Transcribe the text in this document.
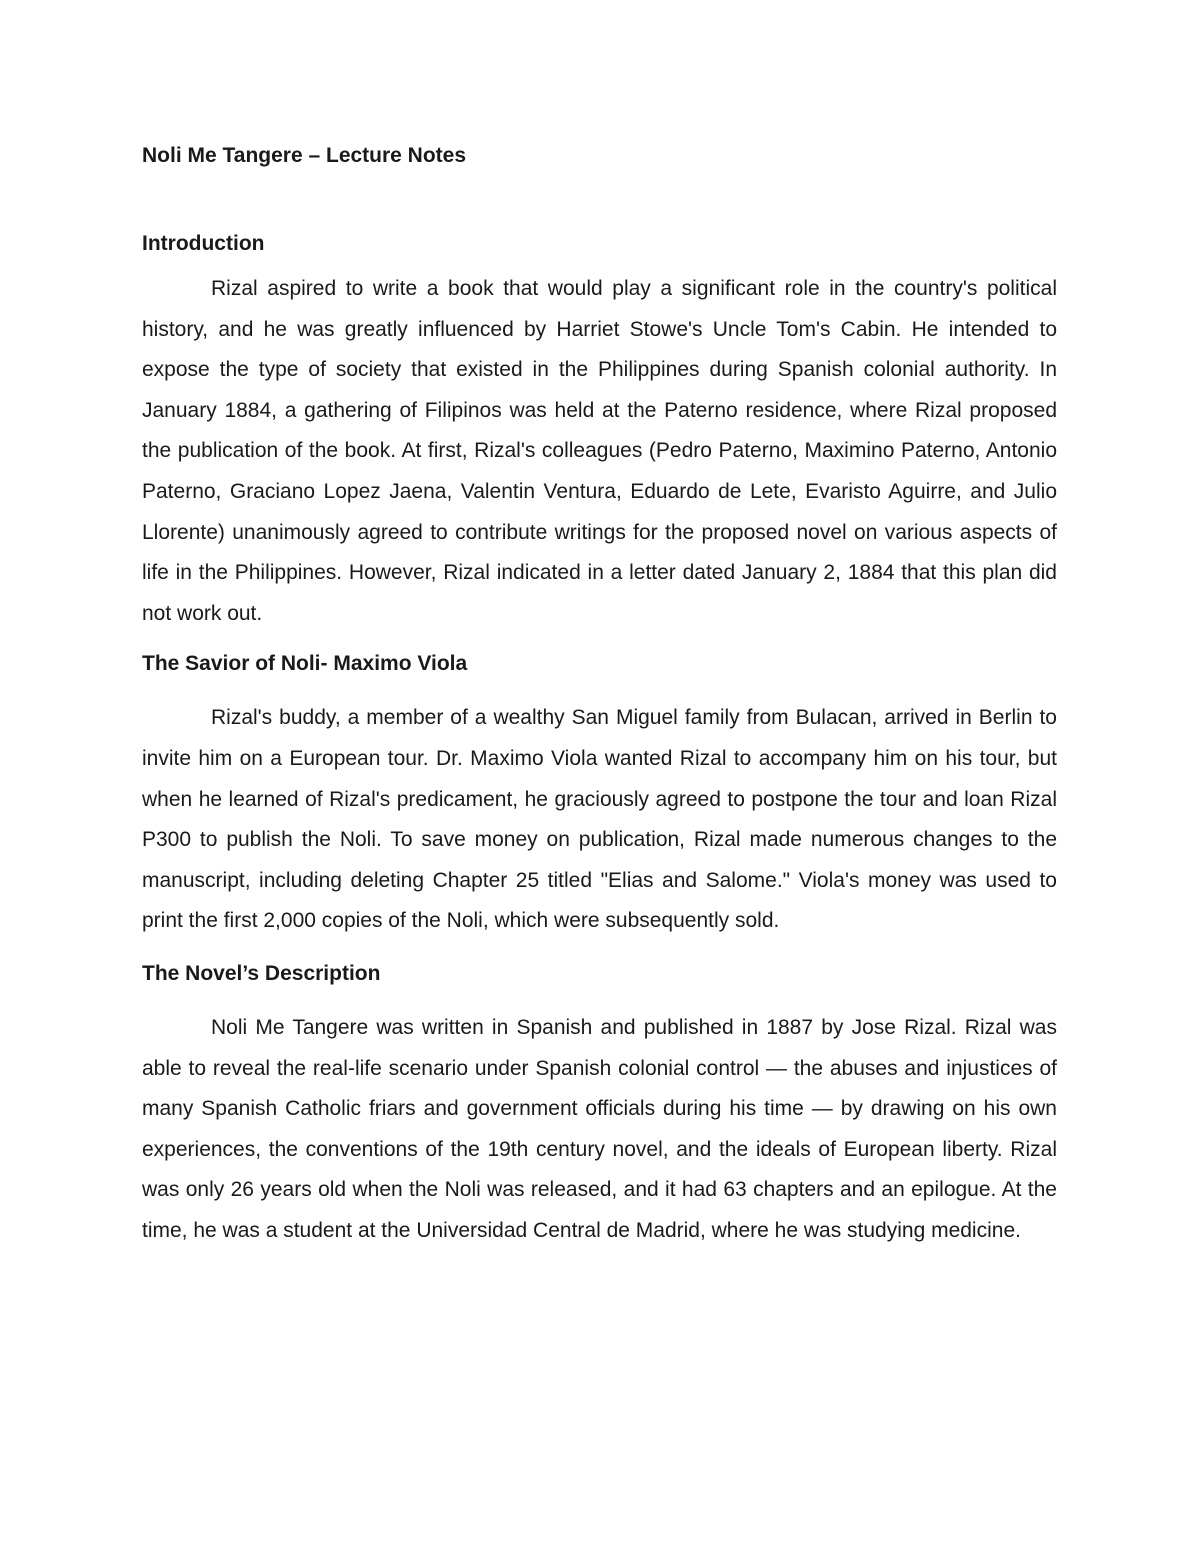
Noli Me Tangere – Lecture Notes
Introduction

Rizal aspired to write a book that would play a significant role in the country's political history, and he was greatly influenced by Harriet Stowe's Uncle Tom's Cabin. He intended to expose the type of society that existed in the Philippines during Spanish colonial authority. In January 1884, a gathering of Filipinos was held at the Paterno residence, where Rizal proposed the publication of the book. At first, Rizal's colleagues (Pedro Paterno, Maximino Paterno, Antonio Paterno, Graciano Lopez Jaena, Valentin Ventura, Eduardo de Lete, Evaristo Aguirre, and Julio Llorente) unanimously agreed to contribute writings for the proposed novel on various aspects of life in the Philippines. However, Rizal indicated in a letter dated January 2, 1884 that this plan did not work out.

The Savior of Noli- Maximo Viola

Rizal's buddy, a member of a wealthy San Miguel family from Bulacan, arrived in Berlin to invite him on a European tour. Dr. Maximo Viola wanted Rizal to accompany him on his tour, but when he learned of Rizal's predicament, he graciously agreed to postpone the tour and loan Rizal P300 to publish the Noli. To save money on publication, Rizal made numerous changes to the manuscript, including deleting Chapter 25 titled "Elias and Salome." Viola's money was used to print the first 2,000 copies of the Noli, which were subsequently sold.

The Novel’s Description

Noli Me Tangere was written in Spanish and published in 1887 by Jose Rizal. Rizal was able to reveal the real-life scenario under Spanish colonial control — the abuses and injustices of many Spanish Catholic friars and government officials during his time — by drawing on his own experiences, the conventions of the 19th century novel, and the ideals of European liberty. Rizal was only 26 years old when the Noli was released, and it had 63 chapters and an epilogue. At the time, he was a student at the Universidad Central de Madrid, where he was studying medicine.
